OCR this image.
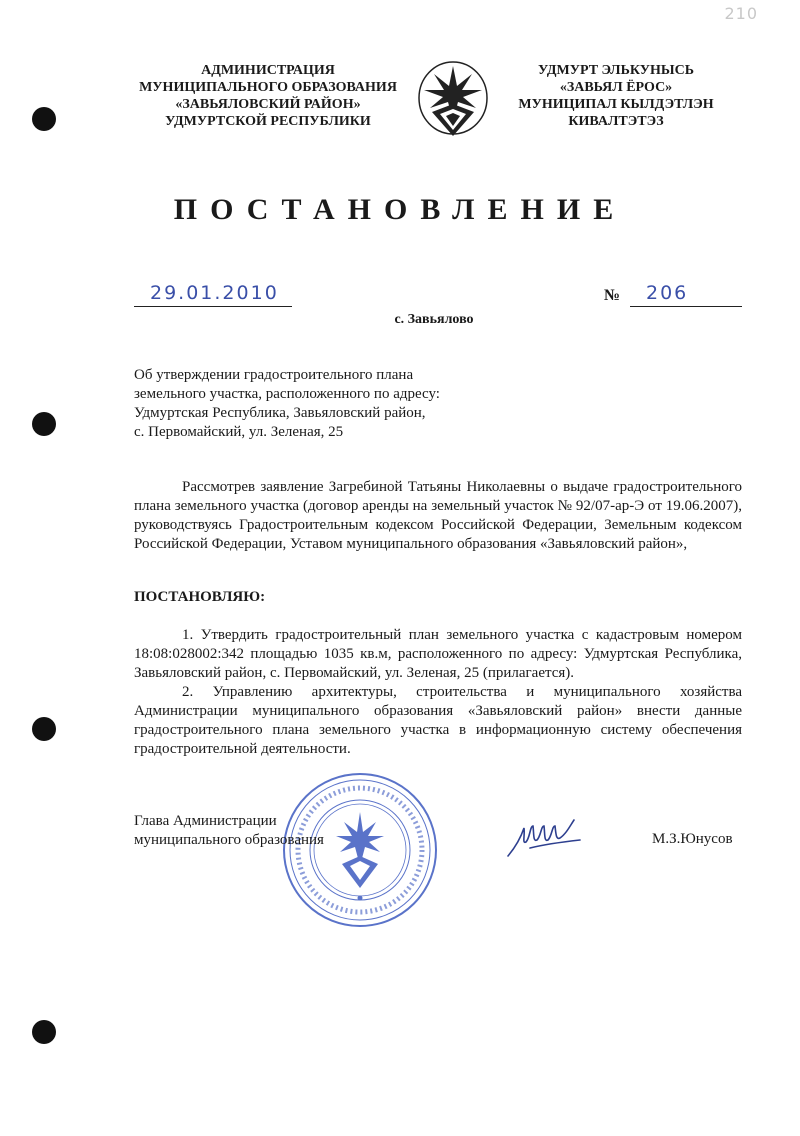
210
АДМИНИСТРАЦИЯ
МУНИЦИПАЛЬНОГО ОБРАЗОВАНИЯ
«ЗАВЬЯЛОВСКИЙ РАЙОН»
УДМУРТСКОЙ РЕСПУБЛИКИ
УДМУРТ ЭЛЬКУНЫСЬ
«ЗАВЬЯЛ ЁРОС»
МУНИЦИПАЛ КЫЛДЭТЛЭН
КИВАЛТЭТЭЗ
ПОСТАНОВЛЕНИЕ
29.01.2010	№ 206
с. Завьялово
Об утверждении градостроительного плана
земельного участка, расположенного по адресу:
Удмуртская Республика, Завьяловский район,
с. Первомайский, ул. Зеленая, 25
Рассмотрев заявление Загребиной Татьяны Николаевны о выдаче градостроительного плана земельного участка (договор аренды на земельный участок № 92/07-ар-Э от 19.06.2007), руководствуясь Градостроительным кодексом Российской Федерации, Земельным кодексом Российской Федерации, Уставом муниципального образования «Завьяловский район»,
ПОСТАНОВЛЯЮ:
1. Утвердить градостроительный план земельного участка с кадастровым номером 18:08:028002:342 площадью 1035 кв.м, расположенного по адресу: Удмуртская Республика, Завьяловский район, с. Первомайский, ул. Зеленая, 25 (прилагается).
2. Управлению архитектуры, строительства и муниципального хозяйства Администрации муниципального образования «Завьяловский район» внести данные градостроительного плана земельного участка в информационную систему обеспечения градостроительной деятельности.
Глава Администрации
муниципального образования	М.З.Юнусов
